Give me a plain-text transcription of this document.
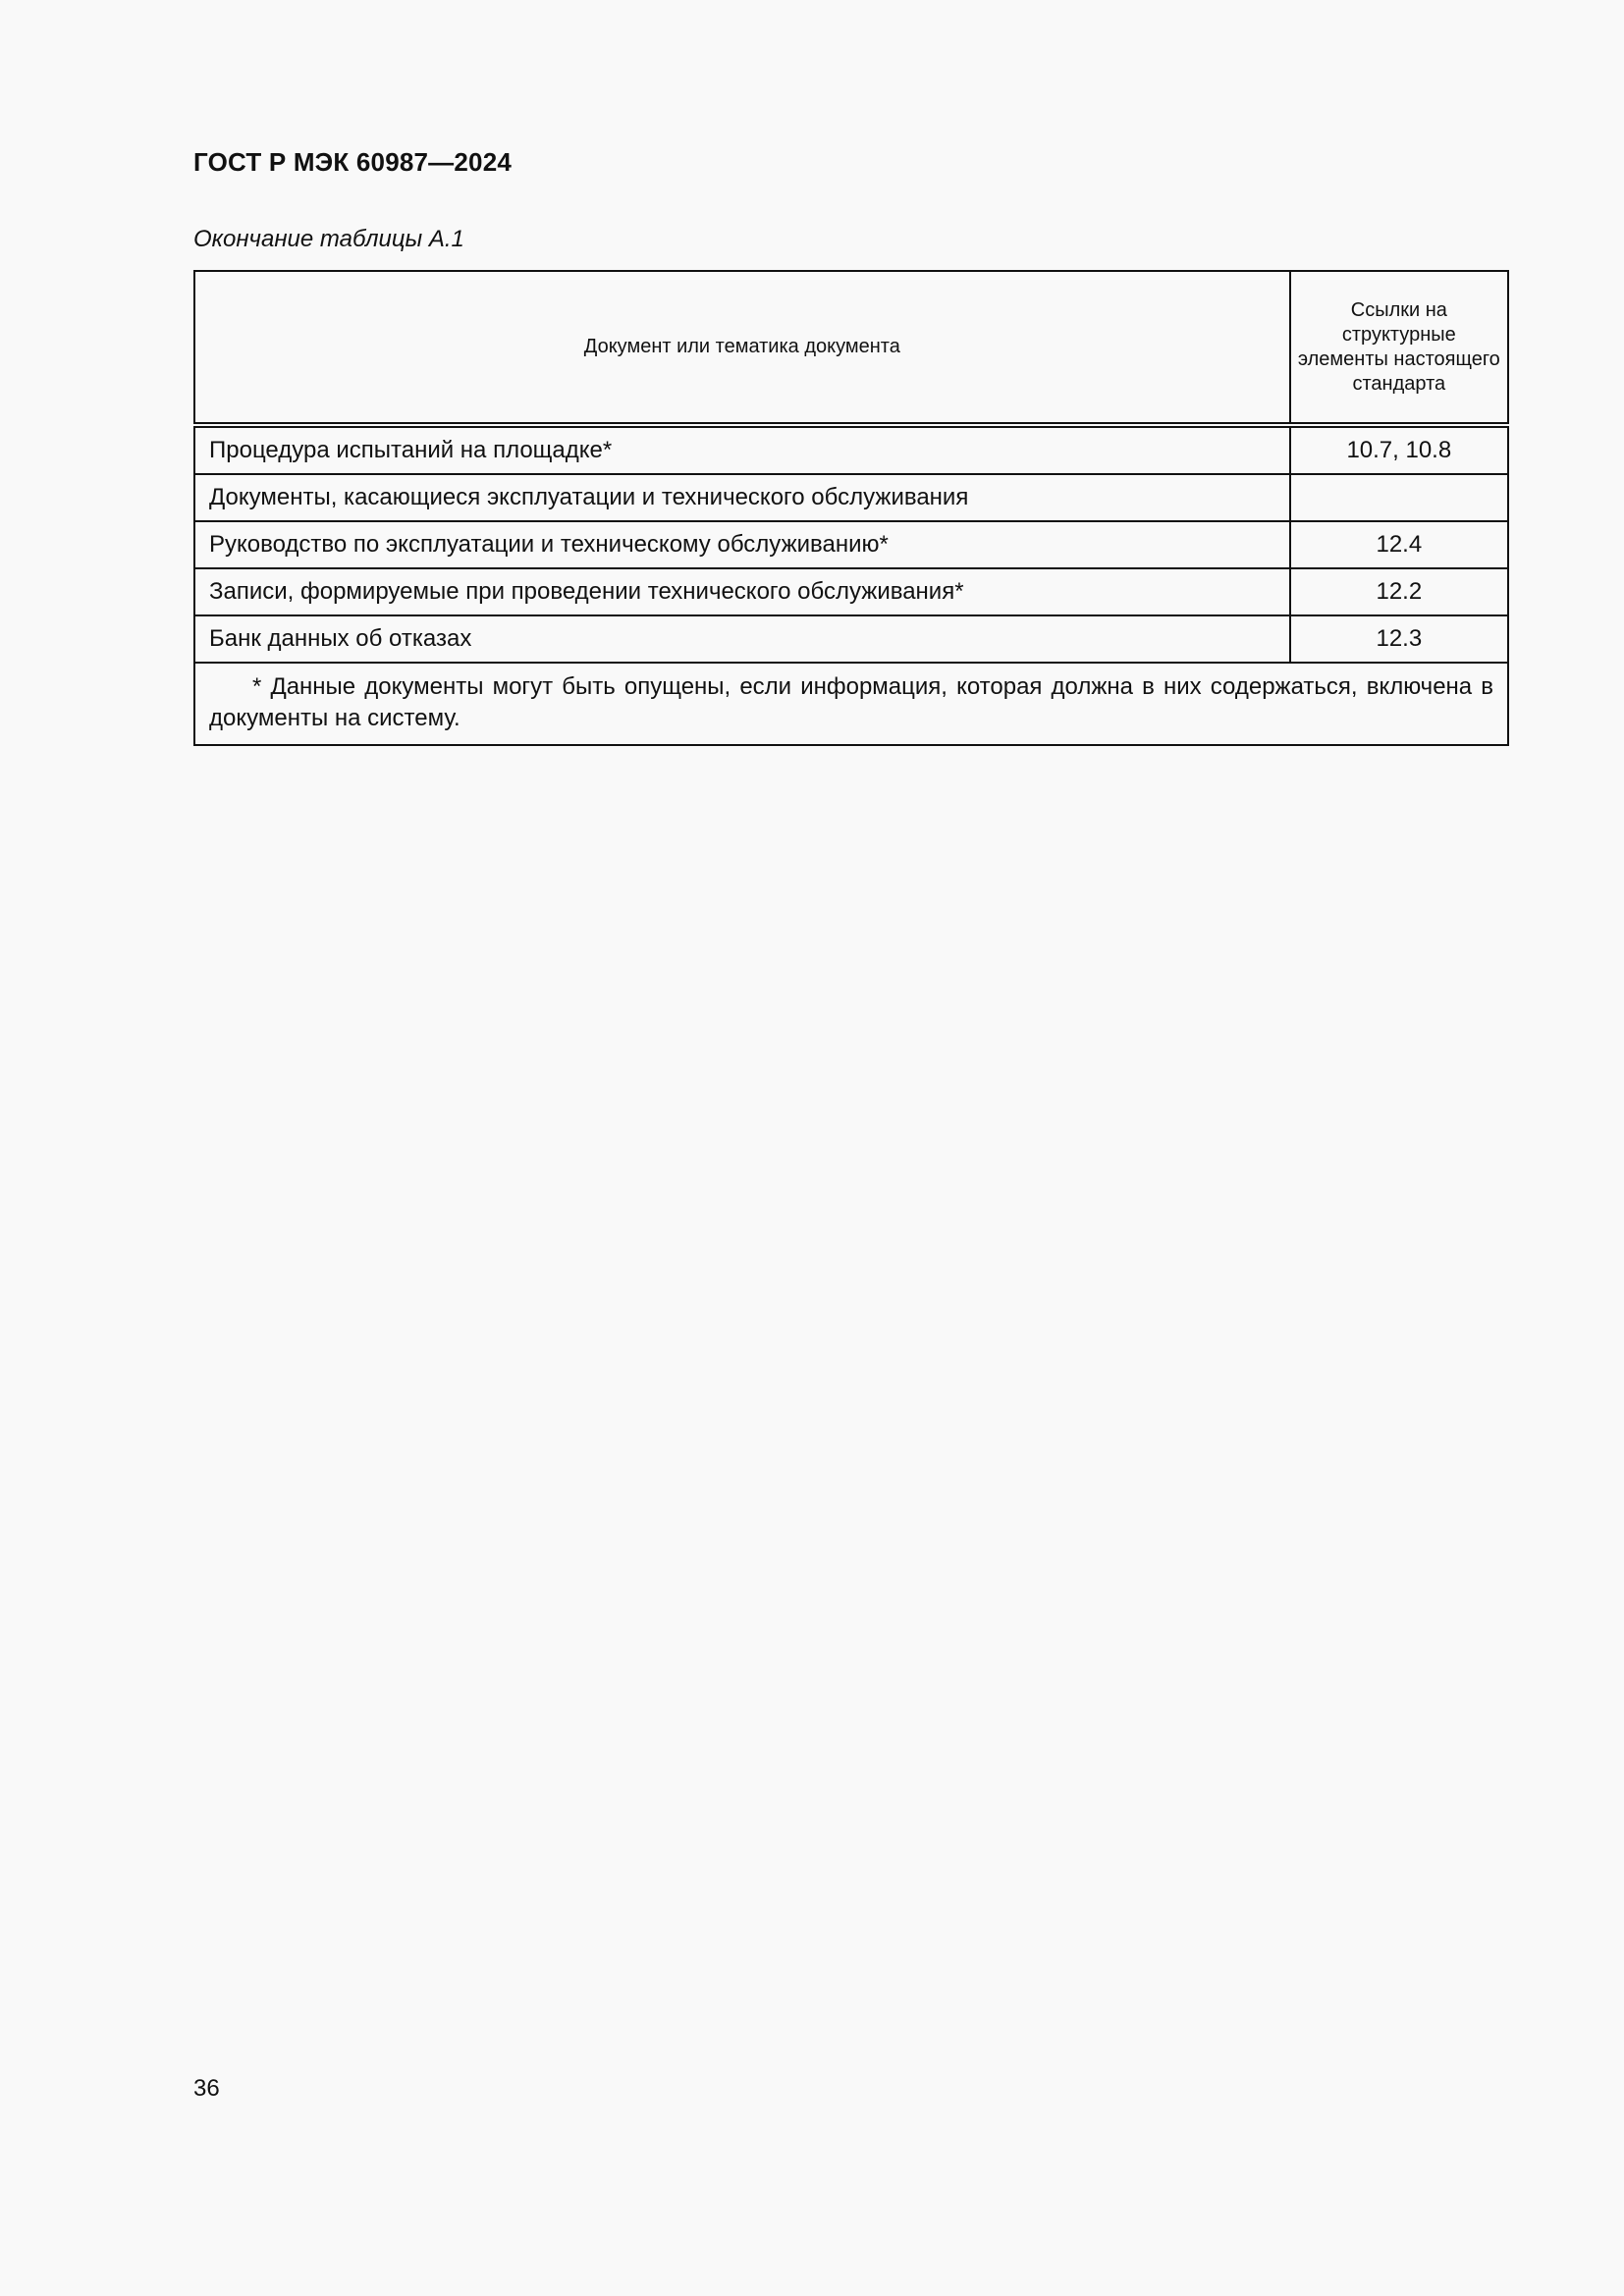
ГОСТ Р МЭК 60987—2024
Окончание таблицы А.1
Документ или тематика документа	Ссылки на структурные элементы настоящего стандарта
Процедура испытаний на площадке*	10.7, 10.8
Документы, касающиеся эксплуатации и технического обслуживания	
Руководство по эксплуатации и техническому обслуживанию*	12.4
Записи, формируемые при проведении технического обслуживания*	12.2
Банк данных об отказах	12.3

* Данные документы могут быть опущены, если информация, которая должна в них содержаться, включена в документы на систему.	
36
